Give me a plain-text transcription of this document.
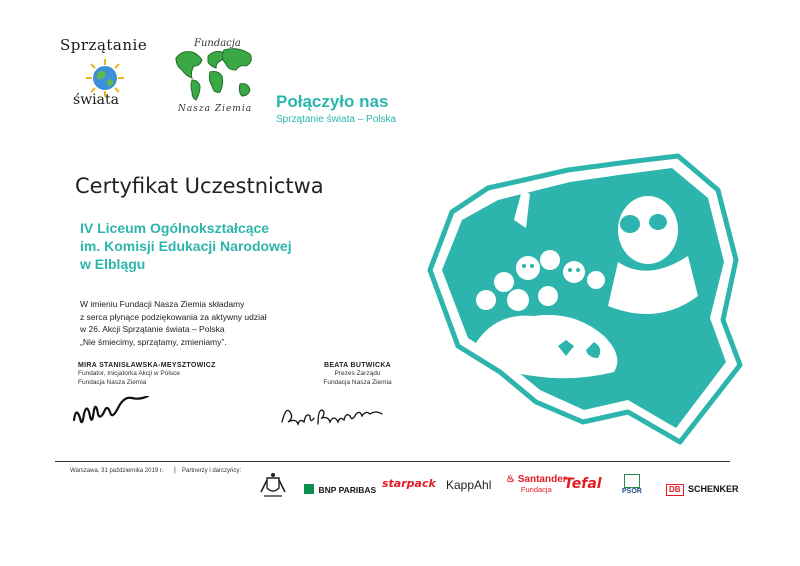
Sprzątanie
świata
Fundacja
Nasza Ziemia Połączyło nas
Sprzątanie świata – Polska
Certyfikat Uczestnictwa
IV Liceum Ogólnokształcące
im. Komisji Edukacji Narodowej
w Elblągu
W imieniu Fundacji Nasza Ziemia składamy
z serca płynące podziękowania za aktywny udział
w 26. Akcji Sprzątanie świata – Polska
„Nie śmiecimy, sprzątamy, zmieniamy”.
MIRA STANISŁAWSKA-MEYSZTOWICZ
Fundator, Inicjatorka Akcji w Polsce
Fundacja Nasza Ziemia
BEATA BUTWICKA
Prezes Zarządu
Fundacja Nasza Ziemia
Warszawa, 31 października 2019 r. | Partnerzy i darczyńcy:
BNP PARIBAS starpack KappAhl ♨ Santander
Fundacja Tefal	PSOR	DB SCHENKER
